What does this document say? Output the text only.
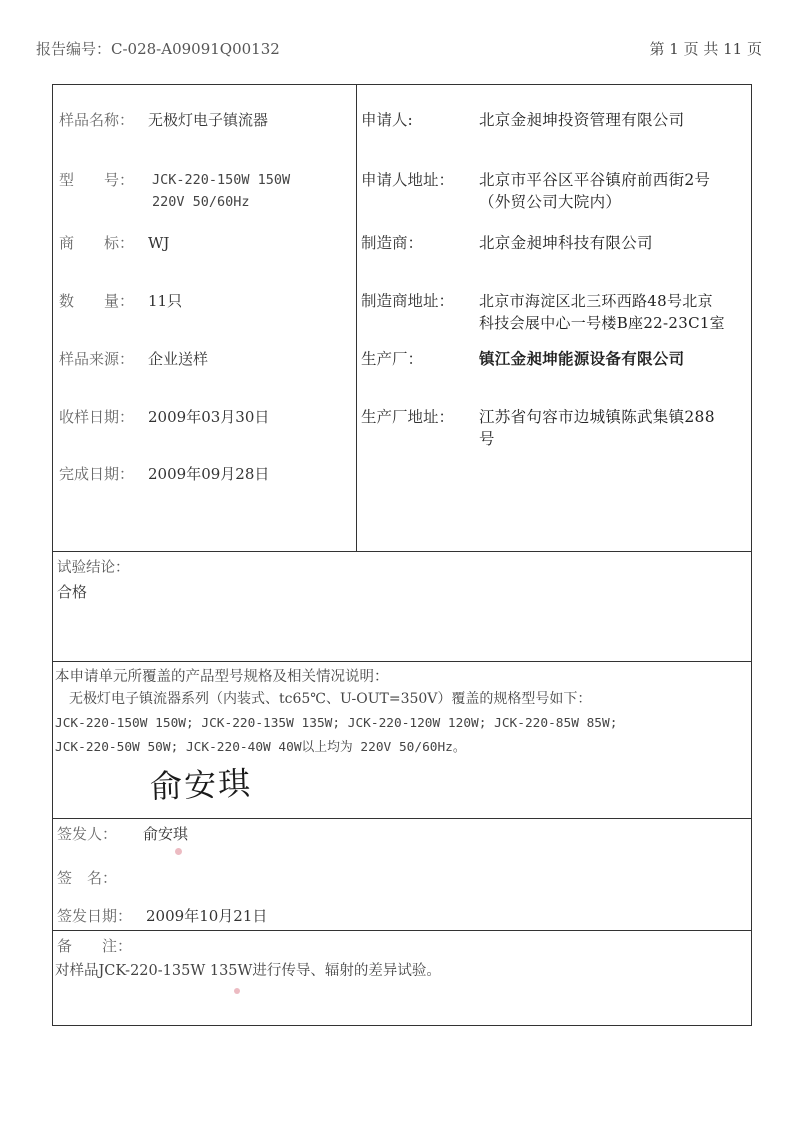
报告编号：C-028-A09091Q00132	第 1 页 共 11 页
样品名称： 无极灯电子镇流器
型　　号： JCK-220-150W 150W
220V 50/60Hz
商　　标： WJ
数　　量： 11只
样品来源： 企业送样
收样日期： 2009年03月30日
完成日期： 2009年09月28日
申请人:	北京金昶坤投资管理有限公司
申请人地址： 北京市平谷区平谷镇府前西街2号
（外贸公司大院内）
制造商：	北京金昶坤科技有限公司
制造商地址： 北京市海淀区北三环西路48号北京
科技会展中心一号楼B座22-23C1室
生产厂：	镇江金昶坤能源设备有限公司
生产厂地址： 江苏省句容市边城镇陈武集镇288
号
试验结论：
合格
本申请单元所覆盖的产品型号规格及相关情况说明：
　无极灯电子镇流器系列（内装式、tc65℃、U-OUT=350V）覆盖的规格型号如下：
JCK-220-150W 150W; JCK-220-135W 135W; JCK-220-120W 120W; JCK-220-85W 85W;
JCK-220-50W 50W; JCK-220-40W 40W以上均为 220V 50/60Hz。
签发人： 俞安琪
签　名：
签发日期： 2009年10月21日
备　　注：
对样品JCK-220-135W 135W进行传导、辐射的差异试验。
俞安琪
